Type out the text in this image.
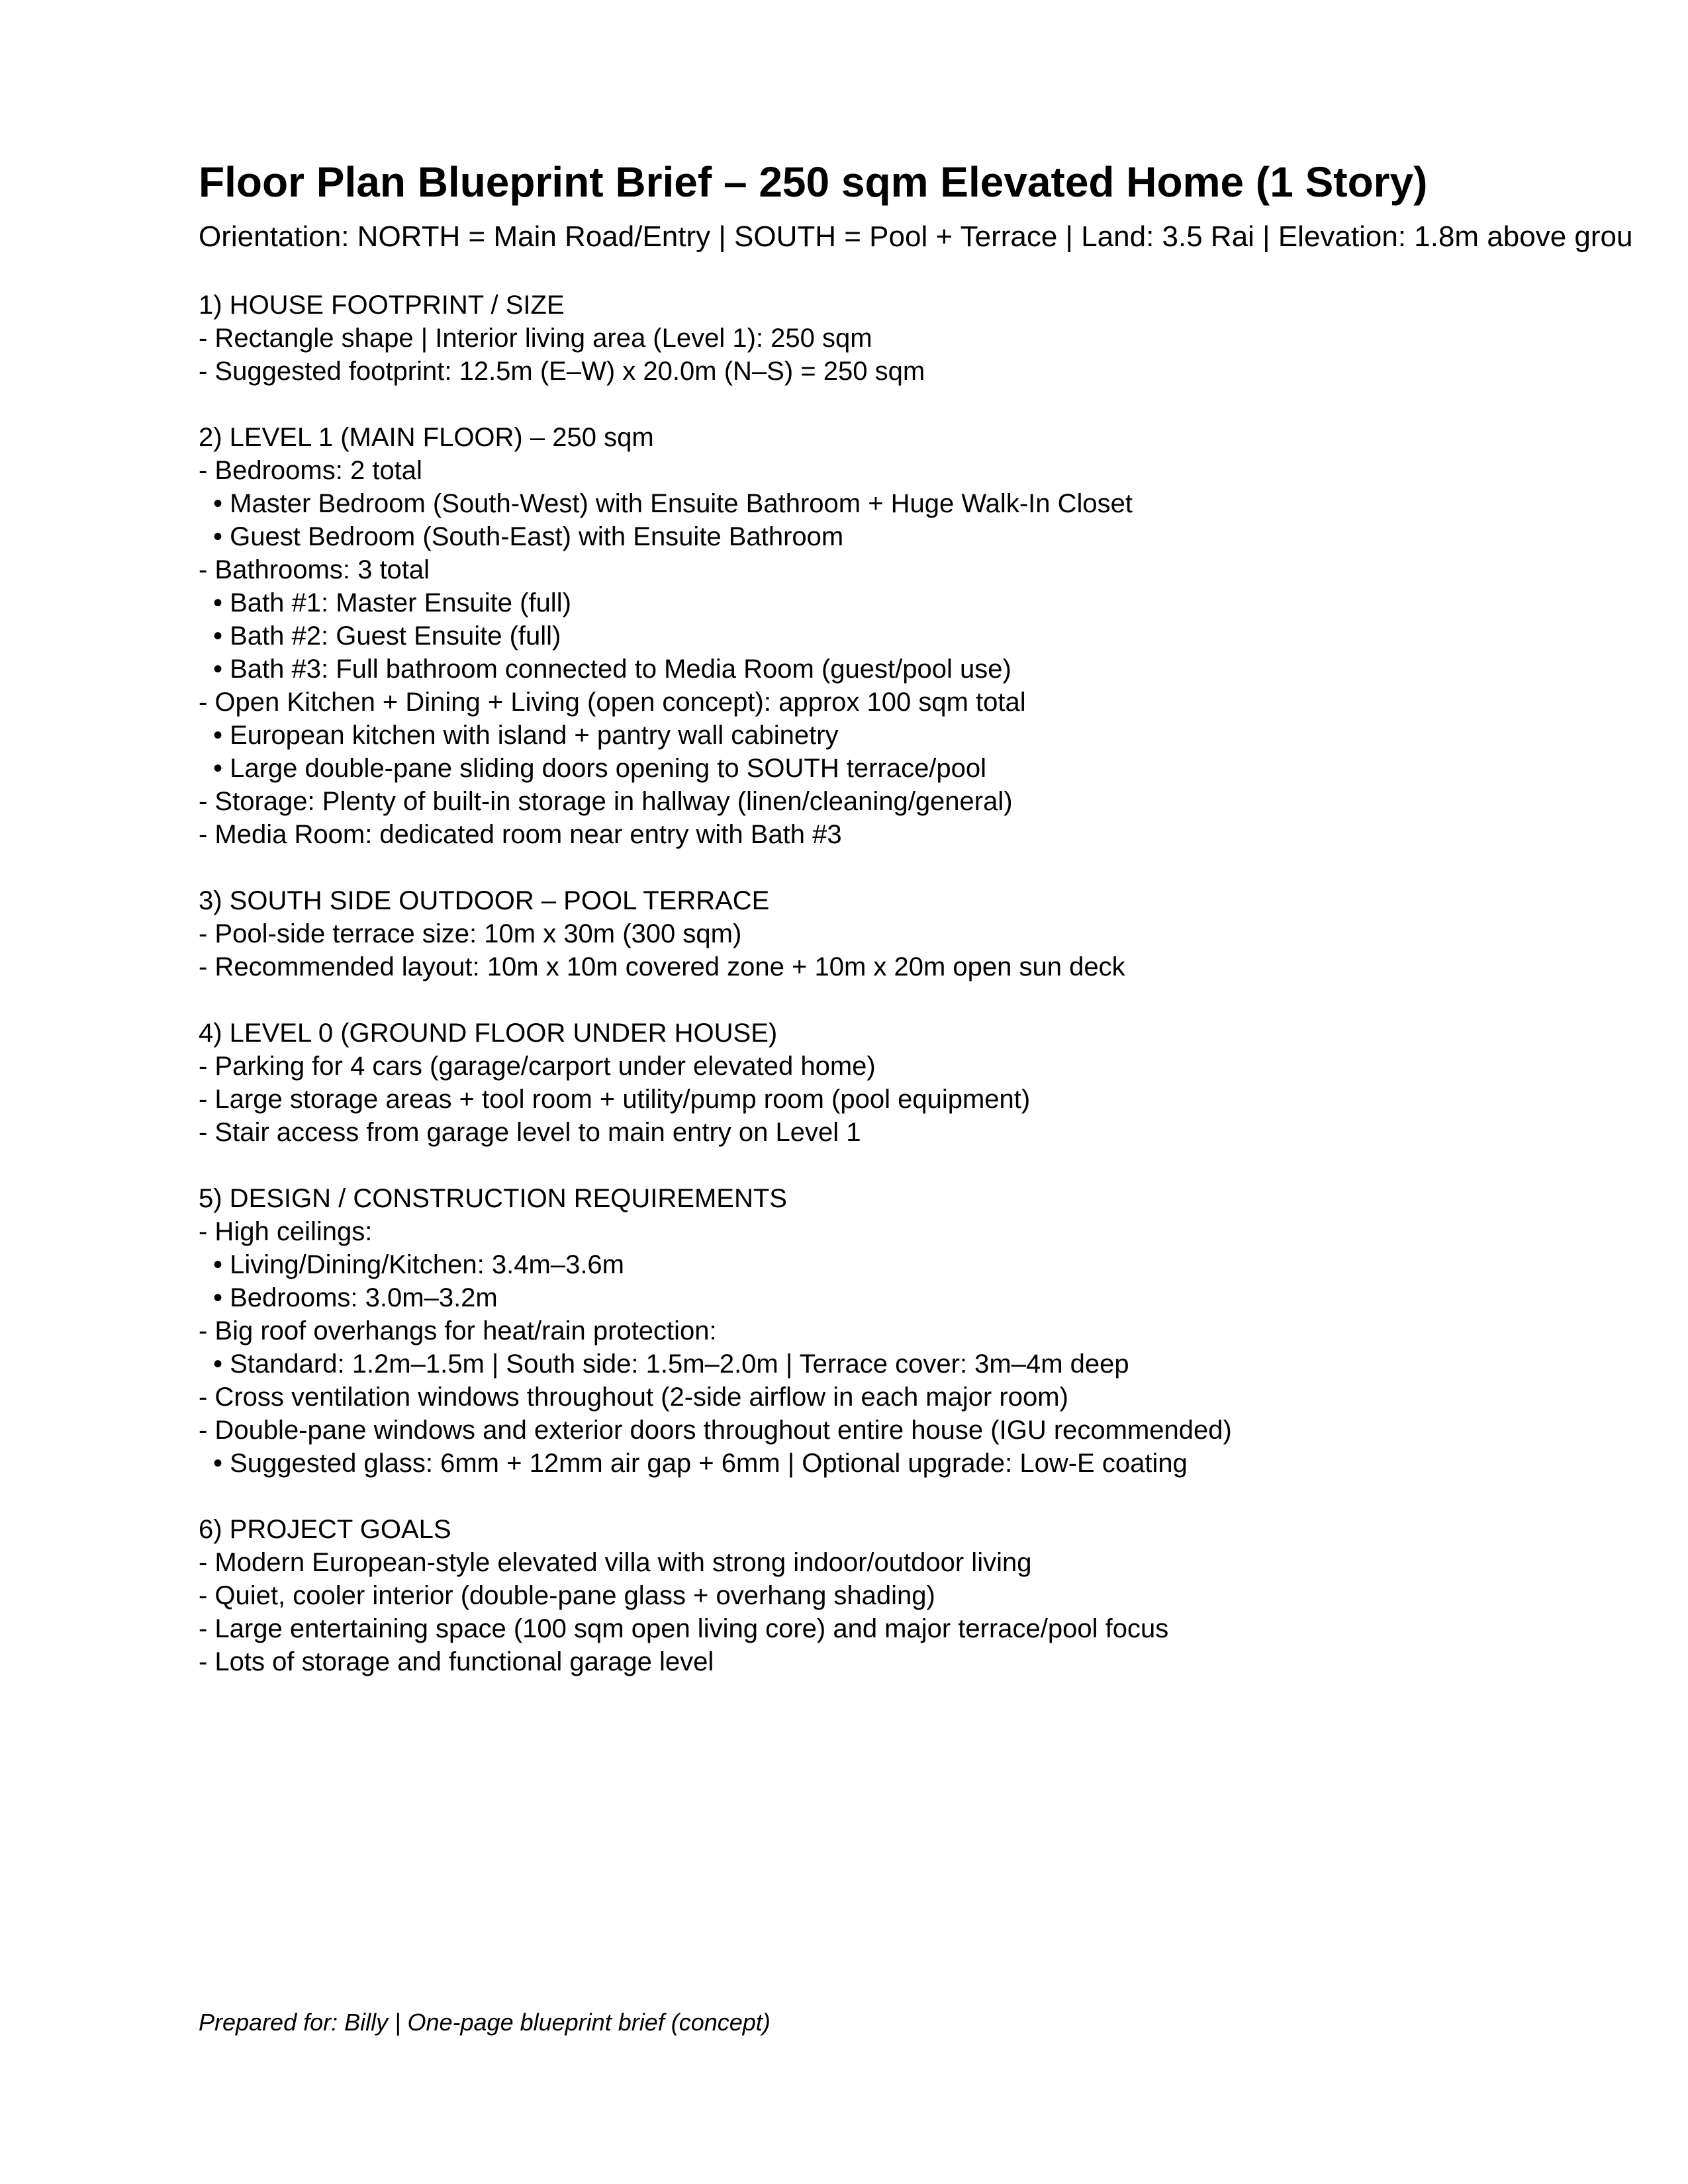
Floor Plan Blueprint Brief – 250 sqm Elevated Home (1 Story)

Orientation: NORTH = Main Road/Entry | SOUTH = Pool + Terrace | Land: 3.5 Rai | Elevation: 1.8m above grou

1) HOUSE FOOTPRINT / SIZE

- Rectangle shape | Interior living area (Level 1): 250 sqm

- Suggested footprint: 12.5m (E–W) x 20.0m (N–S) = 250 sqm

2) LEVEL 1 (MAIN FLOOR) – 250 sqm

- Bedrooms: 2 total

• Master Bedroom (South-West) with Ensuite Bathroom + Huge Walk-In Closet

• Guest Bedroom (South-East) with Ensuite Bathroom

- Bathrooms: 3 total

• Bath #1: Master Ensuite (full)

• Bath #2: Guest Ensuite (full)

• Bath #3: Full bathroom connected to Media Room (guest/pool use)

- Open Kitchen + Dining + Living (open concept): approx 100 sqm total

• European kitchen with island + pantry wall cabinetry

• Large double-pane sliding doors opening to SOUTH terrace/pool

- Storage: Plenty of built-in storage in hallway (linen/cleaning/general)

- Media Room: dedicated room near entry with Bath #3

3) SOUTH SIDE OUTDOOR – POOL TERRACE

- Pool-side terrace size: 10m x 30m (300 sqm)

- Recommended layout: 10m x 10m covered zone + 10m x 20m open sun deck

4) LEVEL 0 (GROUND FLOOR UNDER HOUSE)

- Parking for 4 cars (garage/carport under elevated home)

- Large storage areas + tool room + utility/pump room (pool equipment)

- Stair access from garage level to main entry on Level 1

5) DESIGN / CONSTRUCTION REQUIREMENTS

- High ceilings:

• Living/Dining/Kitchen: 3.4m–3.6m

• Bedrooms: 3.0m–3.2m

- Big roof overhangs for heat/rain protection:

• Standard: 1.2m–1.5m | South side: 1.5m–2.0m | Terrace cover: 3m–4m deep

- Cross ventilation windows throughout (2-side airflow in each major room)

- Double-pane windows and exterior doors throughout entire house (IGU recommended)

• Suggested glass: 6mm + 12mm air gap + 6mm | Optional upgrade: Low-E coating

6) PROJECT GOALS

- Modern European-style elevated villa with strong indoor/outdoor living

- Quiet, cooler interior (double-pane glass + overhang shading)

- Large entertaining space (100 sqm open living core) and major terrace/pool focus

- Lots of storage and functional garage level

Prepared for: Billy | One-page blueprint brief (concept)
